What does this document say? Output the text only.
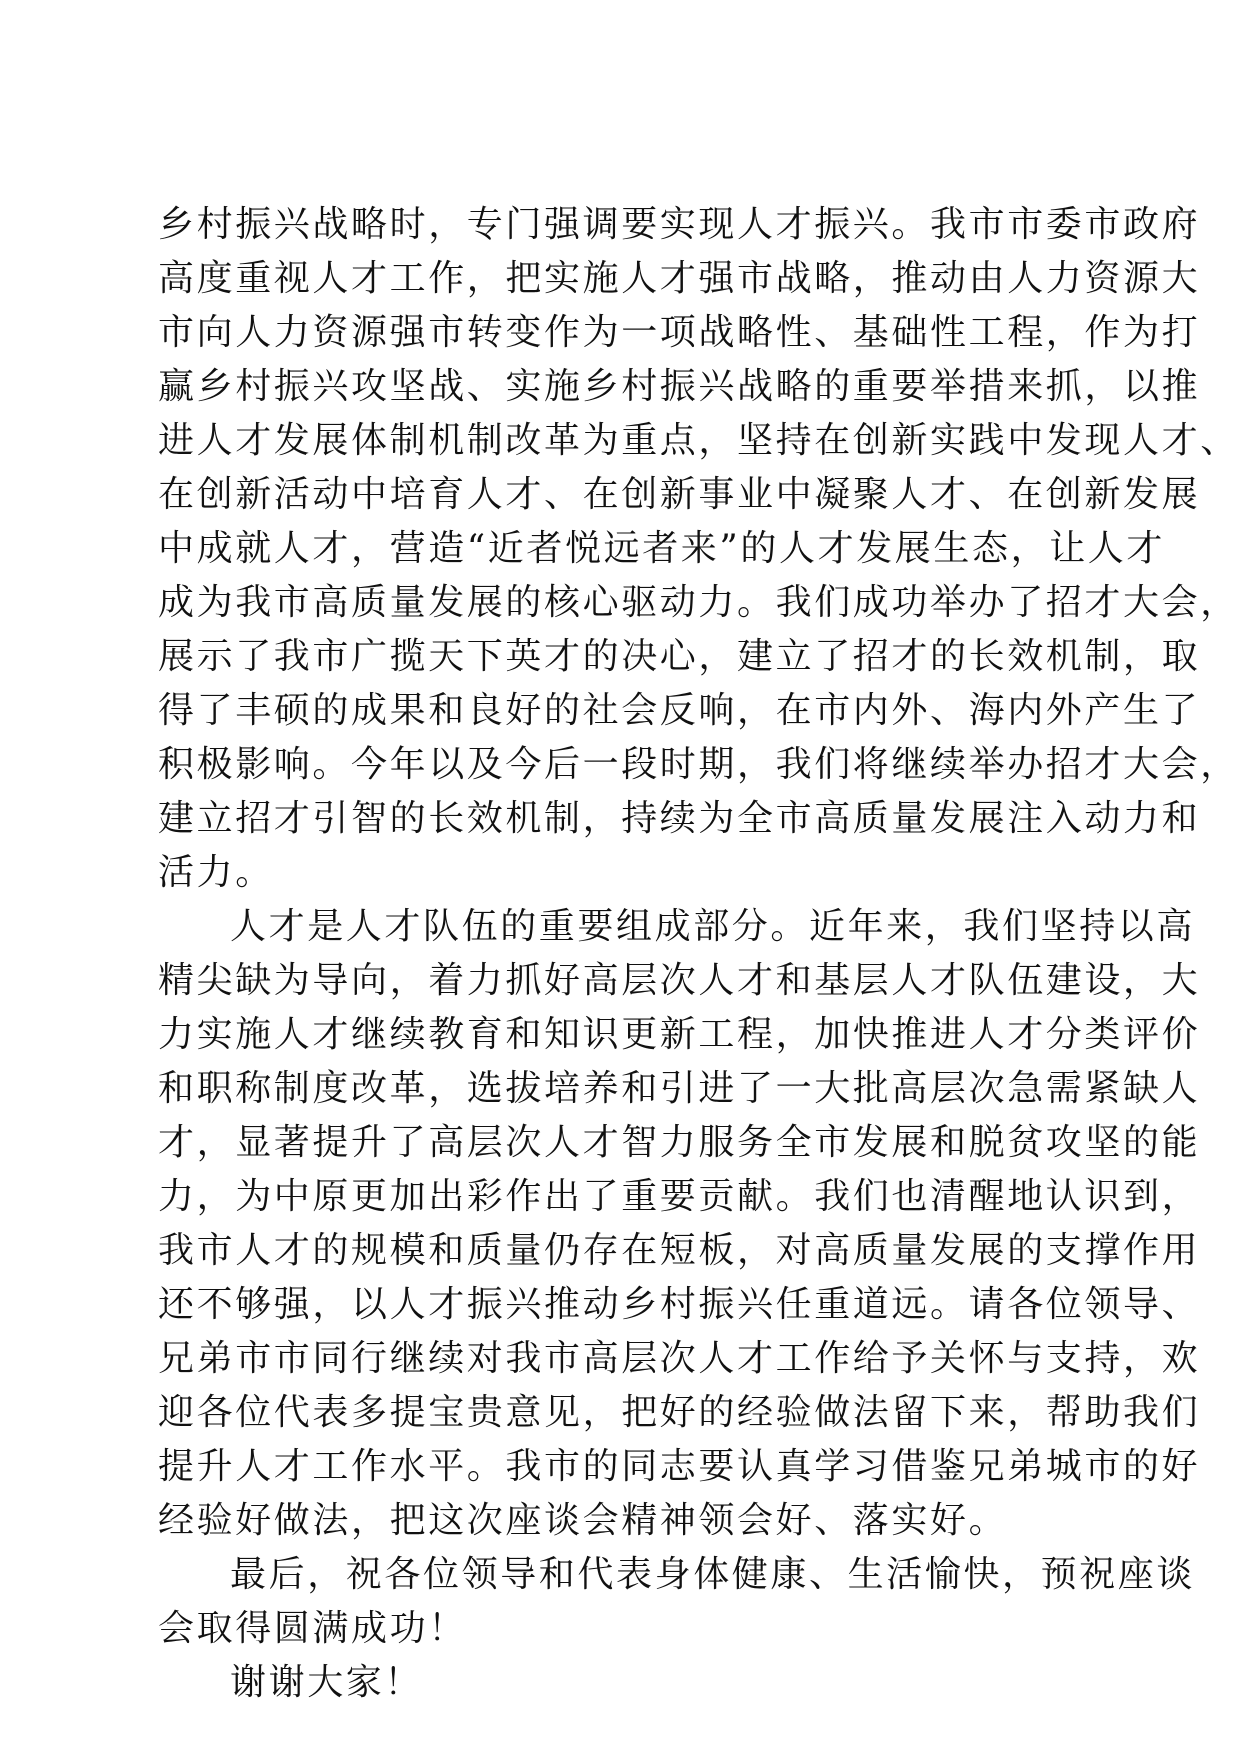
乡村振兴战略时，专门强调要实现人才振兴。我市市委市政府
高度重视人才工作，把实施人才强市战略，推动由人力资源大
市向人力资源强市转变作为一项战略性、基础性工程，作为打
赢乡村振兴攻坚战、实施乡村振兴战略的重要举措来抓，以推
进人才发展体制机制改革为重点，坚持在创新实践中发现人才、
在创新活动中培育人才、在创新事业中凝聚人才、在创新发展
中成就人才，营造“近者悦远者来”的人才发展生态，让人才
成为我市高质量发展的核心驱动力。我们成功举办了招才大会，
展示了我市广揽天下英才的决心，建立了招才的长效机制，取
得了丰硕的成果和良好的社会反响，在市内外、海内外产生了
积极影响。今年以及今后一段时期，我们将继续举办招才大会，
建立招才引智的长效机制，持续为全市高质量发展注入动力和
活力。
人才是人才队伍的重要组成部分。近年来，我们坚持以高
精尖缺为导向，着力抓好高层次人才和基层人才队伍建设，大
力实施人才继续教育和知识更新工程，加快推进人才分类评价
和职称制度改革，选拔培养和引进了一大批高层次急需紧缺人
才，显著提升了高层次人才智力服务全市发展和脱贫攻坚的能
力，为中原更加出彩作出了重要贡献。我们也清醒地认识到，
我市人才的规模和质量仍存在短板，对高质量发展的支撑作用
还不够强，以人才振兴推动乡村振兴任重道远。请各位领导、
兄弟市市同行继续对我市高层次人才工作给予关怀与支持，欢
迎各位代表多提宝贵意见，把好的经验做法留下来，帮助我们
提升人才工作水平。我市的同志要认真学习借鉴兄弟城市的好
经验好做法，把这次座谈会精神领会好、落实好。
最后，祝各位领导和代表身体健康、生活愉快，预祝座谈
会取得圆满成功！
谢谢大家！
